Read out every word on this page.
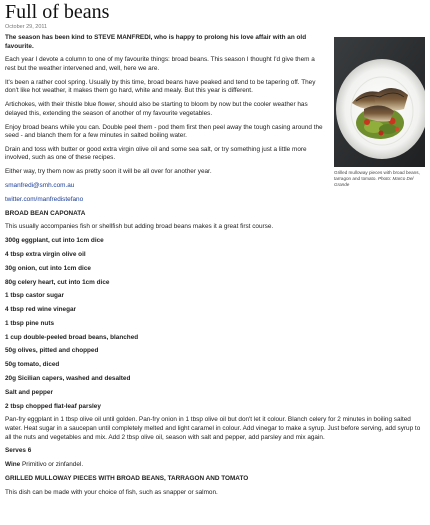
Full of beans
October 29, 2011

The season has been kind to STEVE MANFREDI, who is happy to prolong his love affair with an old favourite.

Each year I devote a column to one of my favourite things: broad beans. This season I thought I'd give them a rest but the weather intervened and, well, here we are.

It's been a rather cool spring. Usually by this time, broad beans have peaked and tend to be tapering off. They don't like hot weather, it makes them go hard, white and mealy. But this year is different.

Artichokes, with their thistle blue flower, should also be starting to bloom by now but the cooler weather has delayed this, extending the season of another of my favourite vegetables.

Enjoy broad beans while you can. Double peel them - pod them first then peel away the tough casing around the seed - and blanch them for a few minutes in salted boiling water.

Drain and toss with butter or good extra virgin olive oil and some sea salt, or try something just a little more involved, such as one of these recipes.

Either way, try them now as pretty soon it will be all over for another year.

smanfredi@smh.com.au

twitter.com/manfredistefano

BROAD BEAN CAPONATA

This usually accompanies fish or shellfish but adding broad beans makes it a great first course.

300g eggplant, cut into 1cm dice

4 tbsp extra virgin olive oil

30g onion, cut into 1cm dice

80g celery heart, cut into 1cm dice

1 tbsp castor sugar

4 tbsp red wine vinegar

1 tbsp pine nuts

1 cup double-peeled broad beans, blanched

50g olives, pitted and chopped

50g tomato, diced

20g Sicilian capers, washed and desalted

Salt and pepper

2 tbsp chopped flat-leaf parsley

Pan-fry eggplant in 1 tbsp olive oil until golden. Pan-fry onion in 1 tbsp olive oil but don't let it colour. Blanch celery for 2 minutes in boiling salted water. Heat sugar in a saucepan until completely melted and light caramel in colour. Add vinegar to make a syrup. Just before serving, add syrup to all the nuts and vegetables and mix. Add 2 tbsp olive oil, season with salt and pepper, add parsley and mix again.

Serves 6

Wine Primitivo or zinfandel.

GRILLED MULLOWAY PIECES WITH BROAD BEANS, TARRAGON AND TOMATO

This dish can be made with your choice of fish, such as snapper or salmon.

Grilled mulloway pieces with broad beans, tarragon and tomato. Photo: Marco Del Grande
